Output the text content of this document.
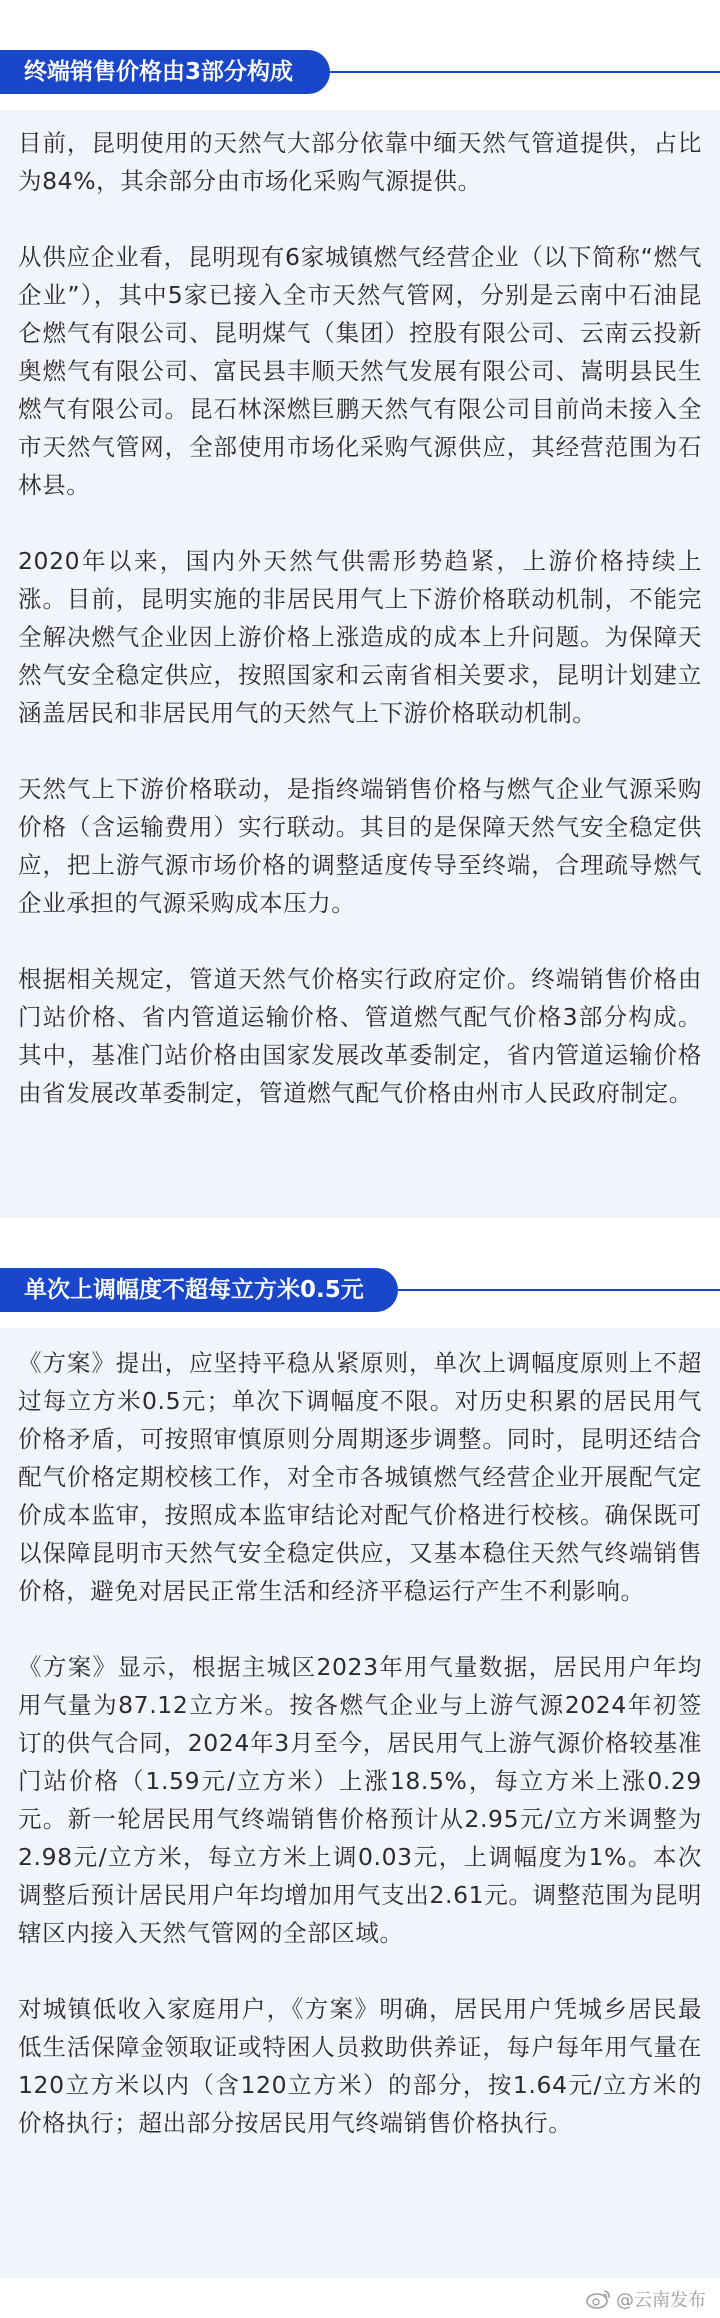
终端销售价格由3部分构成

目前，昆明使用的天然气大部分依靠中缅天然气管道提供，占比为84%，其余部分由市场化采购气源提供。

从供应企业看，昆明现有6家城镇燃气经营企业（以下简称“燃气企业”），其中5家已接入全市天然气管网，分别是云南中石油昆仑燃气有限公司、昆明煤气（集团）控股有限公司、云南云投新奥燃气有限公司、富民县丰顺天然气发展有限公司、嵩明县民生燃气有限公司。昆石林深燃巨鹏天然气有限公司目前尚未接入全市天然气管网，全部使用市场化采购气源供应，其经营范围为石林县。

2020年以来，国内外天然气供需形势趋紧，上游价格持续上涨。目前，昆明实施的非居民用气上下游价格联动机制，不能完全解决燃气企业因上游价格上涨造成的成本上升问题。为保障天然气安全稳定供应，按照国家和云南省相关要求，昆明计划建立涵盖居民和非居民用气的天然气上下游价格联动机制。

天然气上下游价格联动，是指终端销售价格与燃气企业气源采购价格（含运输费用）实行联动。其目的是保障天然气安全稳定供应，把上游气源市场价格的调整适度传导至终端，合理疏导燃气企业承担的气源采购成本压力。

根据相关规定，管道天然气价格实行政府定价。终端销售价格由门站价格、省内管道运输价格、管道燃气配气价格3部分构成。其中，基准门站价格由国家发展改革委制定，省内管道运输价格由省发展改革委制定，管道燃气配气价格由州市人民政府制定。

单次上调幅度不超每立方米0.5元

《方案》提出，应坚持平稳从紧原则，单次上调幅度原则上不超过每立方米0.5元；单次下调幅度不限。对历史积累的居民用气价格矛盾，可按照审慎原则分周期逐步调整。同时，昆明还结合配气价格定期校核工作，对全市各城镇燃气经营企业开展配气定价成本监审，按照成本监审结论对配气价格进行校核。确保既可以保障昆明市天然气安全稳定供应，又基本稳住天然气终端销售价格，避免对居民正常生活和经济平稳运行产生不利影响。

《方案》显示，根据主城区2023年用气量数据，居民用户年均用气量为87.12立方米。按各燃气企业与上游气源2024年初签订的供气合同，2024年3月至今，居民用气上游气源价格较基准门站价格（1.59元/立方米）上涨18.5%，每立方米上涨0.29元。新一轮居民用气终端销售价格预计从2.95元/立方米调整为2.98元/立方米，每立方米上调0.03元，上调幅度为1%。本次调整后预计居民用户年均增加用气支出2.61元。调整范围为昆明辖区内接入天然气管网的全部区域。

对城镇低收入家庭用户，《方案》明确，居民用户凭城乡居民最低生活保障金领取证或特困人员救助供养证，每户每年用气量在120立方米以内（含120立方米）的部分，按1.64元/立方米的价格执行；超出部分按居民用气终端销售价格执行。

@云南发布
